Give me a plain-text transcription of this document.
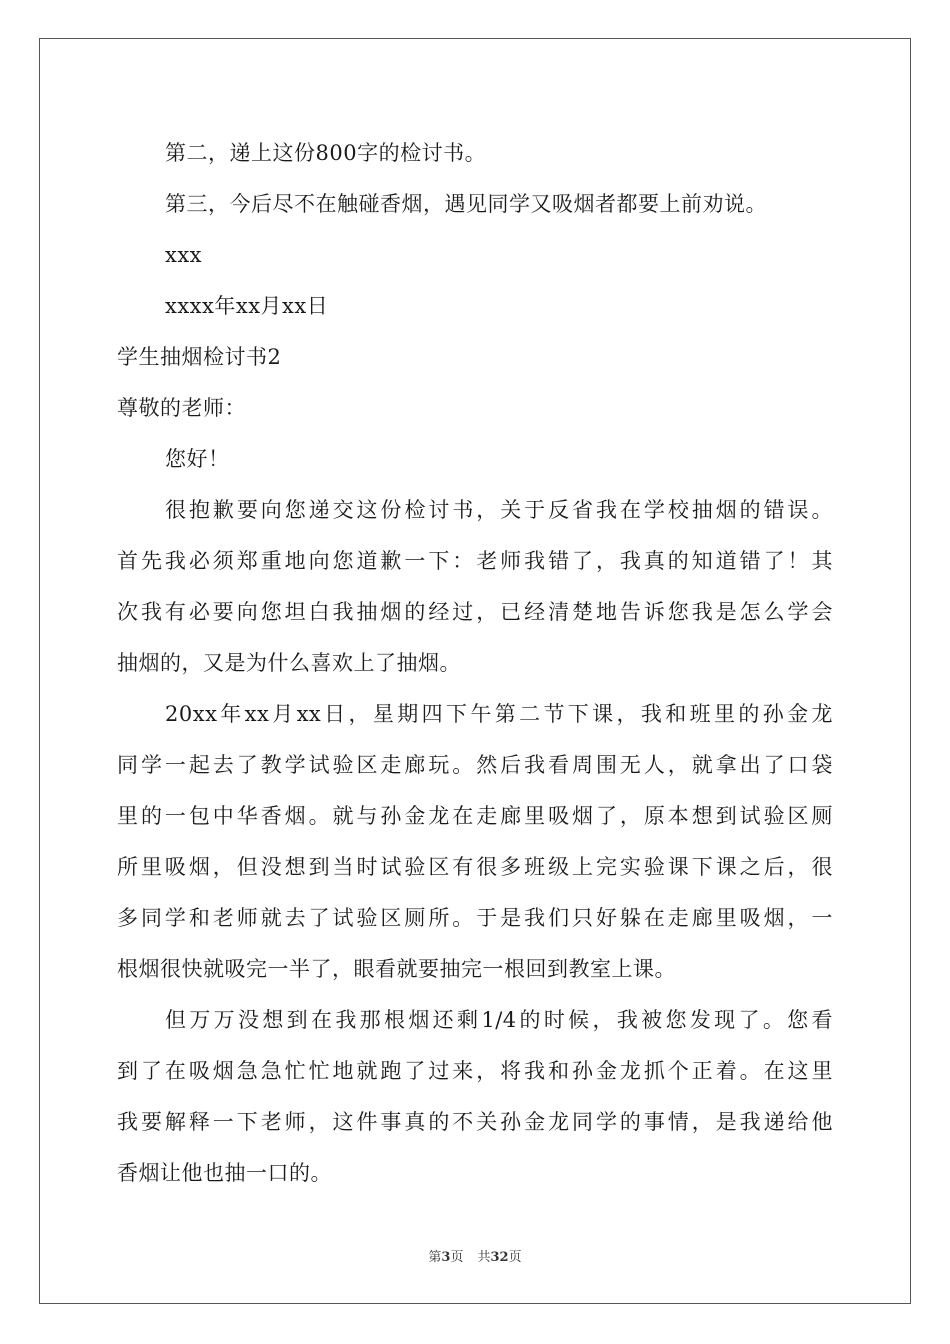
第二，递上这份800字的检讨书。

第三，今后尽不在触碰香烟，遇见同学又吸烟者都要上前劝说。

xxx

xxxx年xx月xx日

学生抽烟检讨书2

尊敬的老师：

您好！

很抱歉要向您递交这份检讨书，关于反省我在学校抽烟的错误。

首先我必须郑重地向您道歉一下：老师我错了，我真的知道错了！其

次我有必要向您坦白我抽烟的经过，已经清楚地告诉您我是怎么学会

抽烟的，又是为什么喜欢上了抽烟。

20xx年xx月xx日，星期四下午第二节下课，我和班里的孙金龙

同学一起去了教学试验区走廊玩。然后我看周围无人，就拿出了口袋

里的一包中华香烟。就与孙金龙在走廊里吸烟了，原本想到试验区厕

所里吸烟，但没想到当时试验区有很多班级上完实验课下课之后，很

多同学和老师就去了试验区厕所。于是我们只好躲在走廊里吸烟，一

根烟很快就吸完一半了，眼看就要抽完一根回到教室上课。

但万万没想到在我那根烟还剩1/4的时候，我被您发现了。您看

到了在吸烟急急忙忙地就跑了过来，将我和孙金龙抓个正着。在这里

我要解释一下老师，这件事真的不关孙金龙同学的事情，是我递给他

香烟让他也抽一口的。

第3页 共32页
